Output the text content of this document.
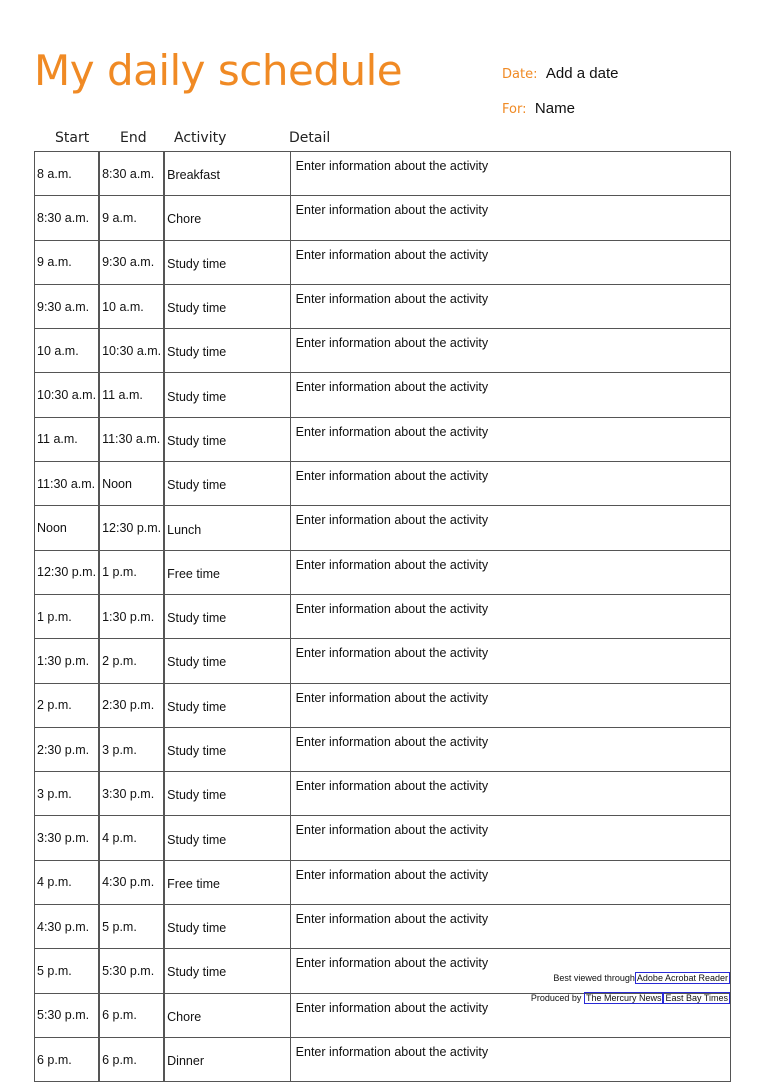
My daily schedule	Date: Add a date
For: Name
Start End Activity	Detail
8 a.m.	8:30 a.m.	Breakfast	Enter information about the activity
8:30 a.m.	9 a.m.	Chore	Enter information about the activity
9 a.m.	9:30 a.m.	Study time	Enter information about the activity
9:30 a.m.	10 a.m.	Study time	Enter information about the activity
10 a.m.	10:30 a.m.	Study time	Enter information about the activity
10:30 a.m.	11 a.m.	Study time	Enter information about the activity
11 a.m.	11:30 a.m.	Study time	Enter information about the activity
11:30 a.m.	Noon	Study time	Enter information about the activity
Noon	12:30 p.m.	Lunch	Enter information about the activity
12:30 p.m.	1 p.m.	Free time	Enter information about the activity
1 p.m.	1:30 p.m.	Study time	Enter information about the activity
1:30 p.m.	2 p.m.	Study time	Enter information about the activity
2 p.m.	2:30 p.m.	Study time	Enter information about the activity
2:30 p.m.	3 p.m.	Study time	Enter information about the activity
3 p.m.	3:30 p.m.	Study time	Enter information about the activity
3:30 p.m.	4 p.m.	Study time	Enter information about the activity
4 p.m.	4:30 p.m.	Free time	Enter information about the activity
4:30 p.m.	5 p.m.	Study time	Enter information about the activity
5 p.m.	5:30 p.m.	Study time	Enter information about the activity
5:30 p.m.	6 p.m.	Chore	Enter information about the activity
6 p.m.	6 p.m.	Dinner	Enter information about the activity
Best viewed through Adobe Acrobat Reader
Produced by The Mercury News East Bay Times
